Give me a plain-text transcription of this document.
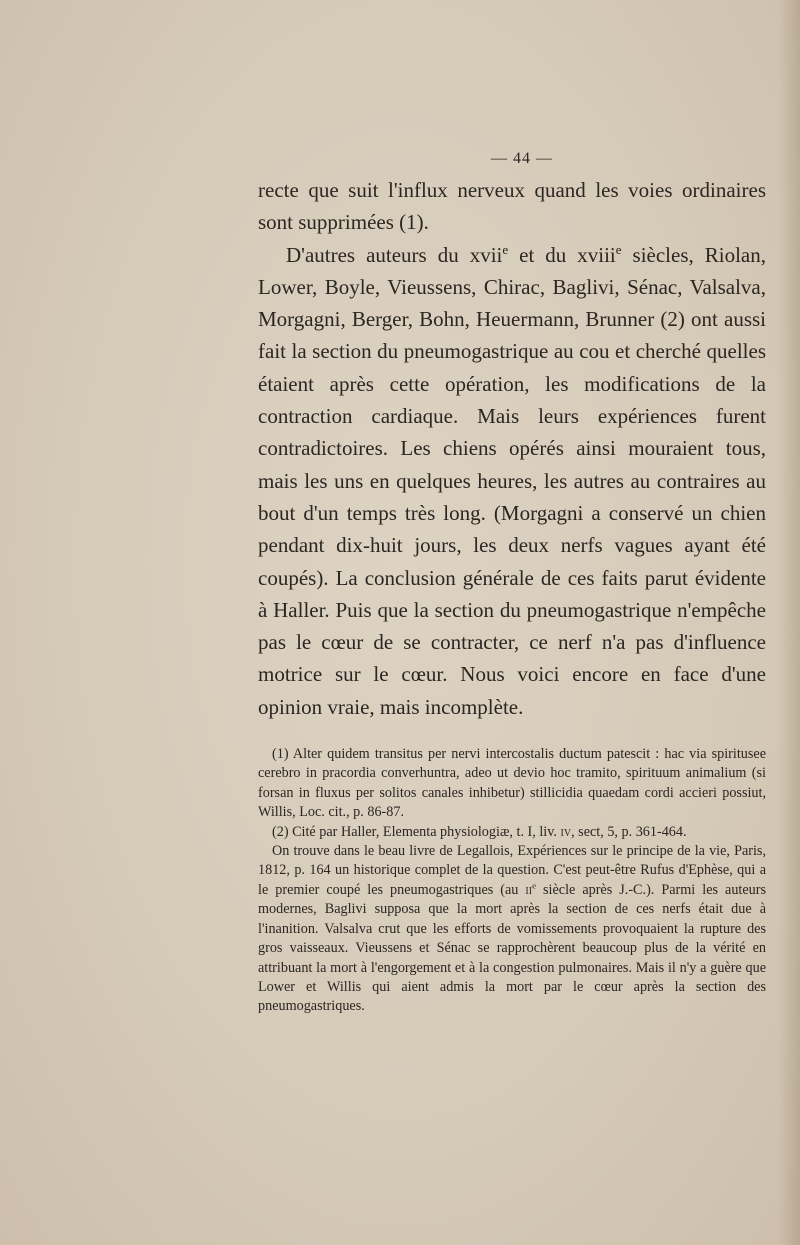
— 44 —

recte que suit l'influx nerveux quand les voies ordinaires sont supprimées (1).

D'autres auteurs du xvii$^e$ et du xviii$^e$ siècles, Riolan, Lower, Boyle, Vieussens, Chirac, Baglivi, Sénac, Valsalva, Morgagni, Berger, Bohn, Heuermann, Brunner (2) ont aussi fait la section du pneumogastrique au cou et cherché quelles étaient après cette opération, les modifications de la contraction cardiaque. Mais leurs expériences furent contradictoires. Les chiens opérés ainsi mouraient tous, mais les uns en quelques heures, les autres au contraires au bout d'un temps très long. (Morgagni a conservé un chien pendant dix-huit jours, les deux nerfs vagues ayant été coupés). La conclusion générale de ces faits parut évidente à Haller. Puis que la section du pneumogastrique n'empêche pas le cœur de se contracter, ce nerf n'a pas d'influence motrice sur le cœur. Nous voici encore en face d'une opinion vraie, mais incomplète.

(1) Alter quidem transitus per nervi intercostalis ductum patescit : hac via spiritusee cerebro in pracordia converhuntra, adeo ut devio hoc tramito, spirituum animalium (si forsan in fluxus per solitos canales inhibetur) stillicidia quaedam cordi accieri possiut, Willis, Loc. cit., p. 86-87.

(2) Cité par Haller, Elementa physiologiæ, t. I, liv. iv, sect, 5, p. 361-464.

On trouve dans le beau livre de Legallois, Expériences sur le principe de la vie, Paris, 1812, p. 164 un historique complet de la question. C'est peut-être Rufus d'Ephèse, qui a le premier coupé les pneumogastriques (au $ii^e$ siècle après J.-C.). Parmi les auteurs modernes, Baglivi supposa que la mort après la section de ces nerfs était due à l'inanition. Valsalva crut que les efforts de vomissements provoquaient la rupture des gros vaisseaux. Vieussens et Sénac se rapprochèrent beaucoup plus de la vérité en attribuant la mort à l'engorgement et à la congestion pulmonaires. Mais il n'y a guère que Lower et Willis qui aient admis la mort par le cœur après la section des pneumogastriques.
